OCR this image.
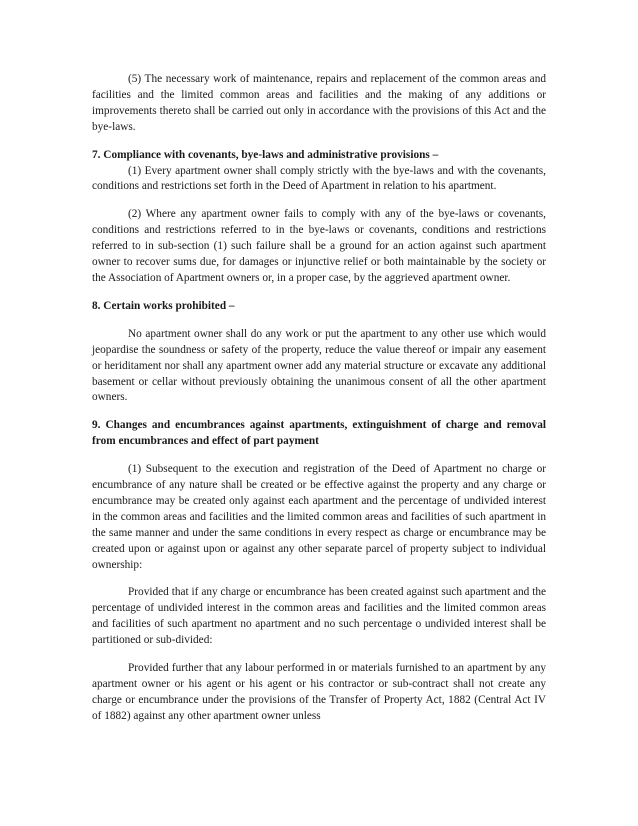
(5) The necessary work of maintenance, repairs and replacement of the common areas and facilities and the limited common areas and facilities and the making of any additions or improvements thereto shall be carried out only in accordance with the provisions of this Act and the bye-laws.

7. Compliance with covenants, bye-laws and administrative provisions –

(1) Every apartment owner shall comply strictly with the bye-laws and with the covenants, conditions and restrictions set forth in the Deed of Apartment in relation to his apartment.

(2) Where any apartment owner fails to comply with any of the bye-laws or covenants, conditions and restrictions referred to in the bye-laws or covenants, conditions and restrictions referred to in sub-section (1) such failure shall be a ground for an action against such apartment owner to recover sums due, for damages or injunctive relief or both maintainable by the society or the Association of Apartment owners or, in a proper case, by the aggrieved apartment owner.

8. Certain works prohibited –

No apartment owner shall do any work or put the apartment to any other use which would jeopardise the soundness or safety of the property, reduce the value thereof or impair any easement or heriditament nor shall any apartment owner add any material structure or excavate any additional basement or cellar without previously obtaining the unanimous consent of all the other apartment owners.

9. Changes and encumbrances against apartments, extinguishment of charge and removal from encumbrances and effect of part payment

(1) Subsequent to the execution and registration of the Deed of Apartment no charge or encumbrance of any nature shall be created or be effective against the property and any charge or encumbrance may be created only against each apartment and the percentage of undivided interest in the common areas and facilities and the limited common areas and facilities of such apartment in the same manner and under the same conditions in every respect as charge or encumbrance may be created upon or against upon or against any other separate parcel of property subject to individual ownership:

Provided that if any charge or encumbrance has been created against such apartment and the percentage of undivided interest in the common areas and facilities and the limited common areas and facilities of such apartment no apartment and no such percentage o undivided interest shall be partitioned or sub-divided:

Provided further that any labour performed in or materials furnished to an apartment by any apartment owner or his agent or his agent or his contractor or sub-contract shall not create any charge or encumbrance under the provisions of the Transfer of Property Act, 1882 (Central Act IV of 1882) against any other apartment owner unless
